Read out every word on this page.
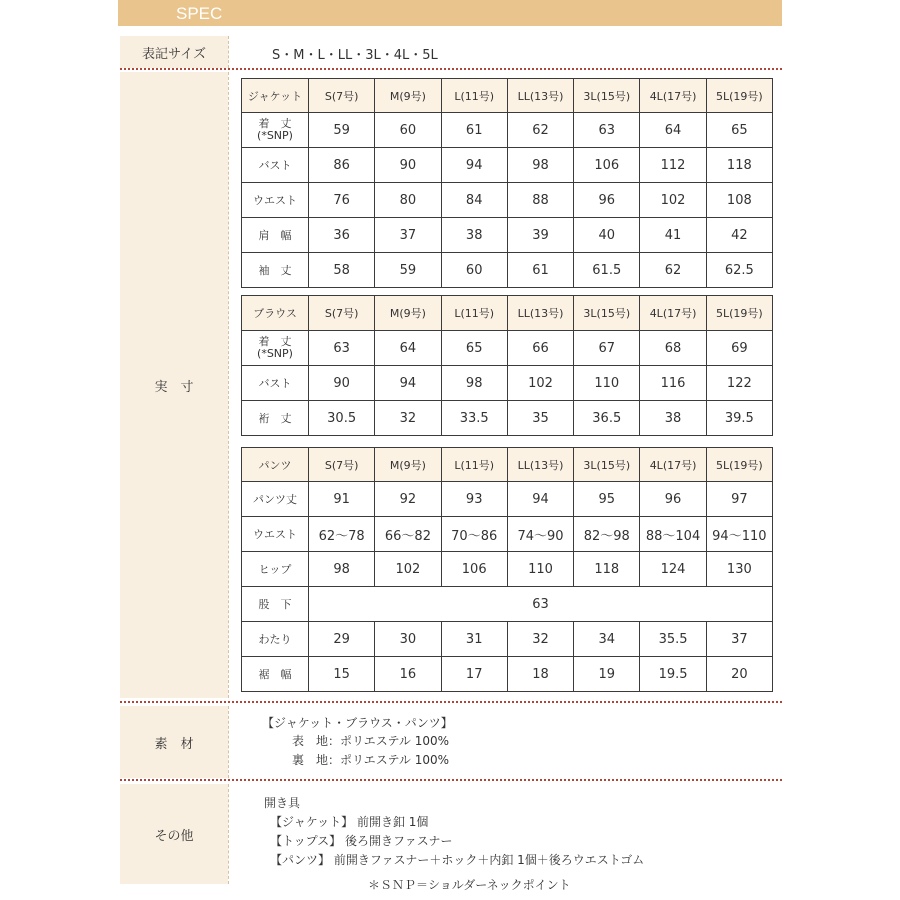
SPEC
表記サイズ	S・M・L・LL・3L・4L・5L
実　寸
ジャケット	S(7号)	M(9号)	L(11号)	LL(13号)	3L(15号)	4L(17号)	5L(19号)

着　丈
(*SNP)	59	60	61	62	63	64	65
バスト	86	90	94	98	106	112	118
ウエスト	76	80	84	88	96	102	108
肩　幅	36	37	38	39	40	41	42
袖　丈	58	59	60	61	61.5	62	62.5
ブラウス	S(7号)	M(9号)	L(11号)	LL(13号)	3L(15号)	4L(17号)	5L(19号)

着　丈
(*SNP)	63	64	65	66	67	68	69
バスト	90	94	98	102	110	116	122
裄　丈	30.5	32	33.5	35	36.5	38	39.5
パンツ	S(7号)	M(9号)	L(11号)	LL(13号)	3L(15号)	4L(17号)	5L(19号)
パンツ丈	91	92	93	94	95	96	97
ウエスト	62～78	66～82	70～86	74～90	82～98	88～104	94～110
ヒップ	98	102	106	110	118	124	130
股　下	63						
わたり	29	30	31	32	34	35.5	37
裾　幅	15	16	17	18	19	19.5	20
素　材
【ジャケット・ブラウス・パンツ】
表　地：ポリエステル 100%
裏　地：ポリエステル 100%
その他
開き具
【ジャケット】 前開き釦 1個
【トップス】 後ろ開きファスナー
【パンツ】 前開きファスナー＋ホック＋内釦 1個＋後ろウエストゴム
＊ＳＮＰ＝ショルダーネックポイント
